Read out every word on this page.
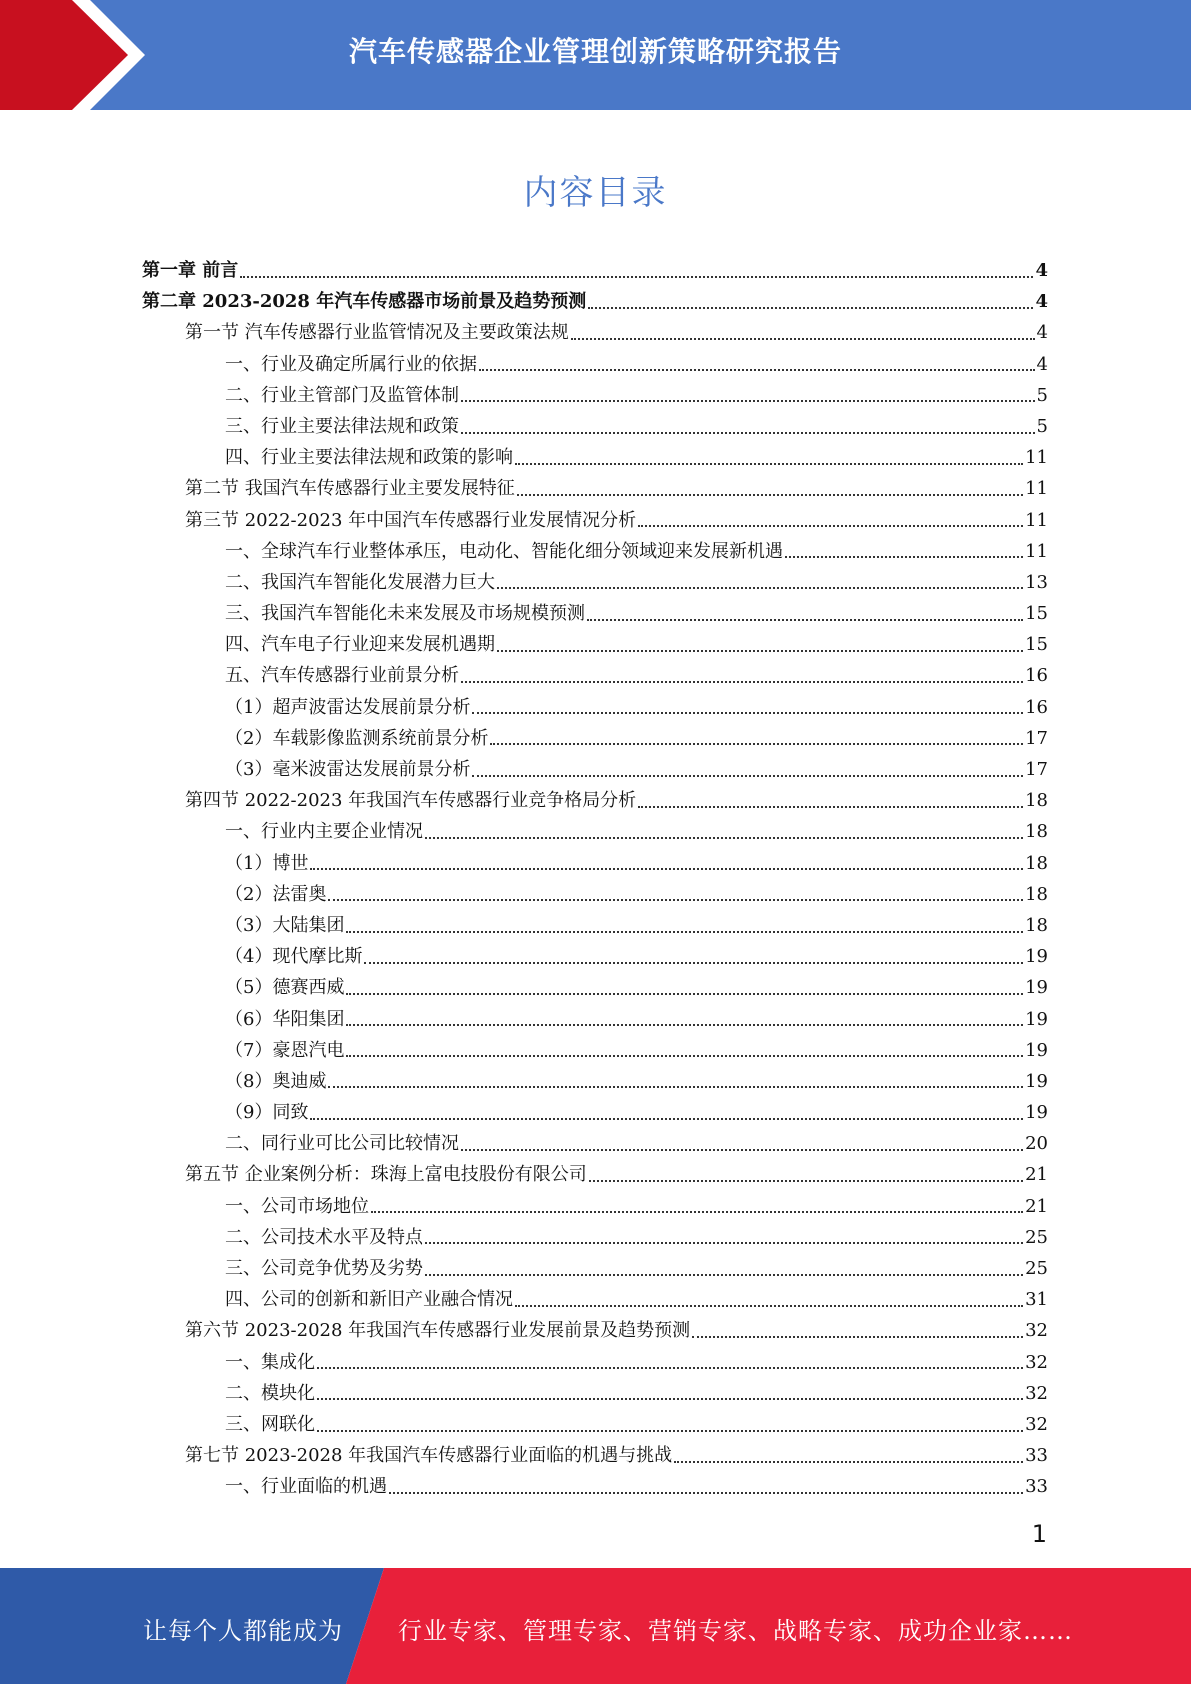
汽车传感器企业管理创新策略研究报告
内容目录
第一章 前言	4
第二章 2023-2028 年汽车传感器市场前景及趋势预测	4
第一节 汽车传感器行业监管情况及主要政策法规	4
一、行业及确定所属行业的依据	4
二、行业主管部门及监管体制	5
三、行业主要法律法规和政策	5
四、行业主要法律法规和政策的影响	11
第二节 我国汽车传感器行业主要发展特征	11
第三节 2022-2023 年中国汽车传感器行业发展情况分析	11
一、全球汽车行业整体承压，电动化、智能化细分领域迎来发展新机遇	11
二、我国汽车智能化发展潜力巨大	13
三、我国汽车智能化未来发展及市场规模预测	15
四、汽车电子行业迎来发展机遇期	15
五、汽车传感器行业前景分析	16
（1）超声波雷达发展前景分析	16
（2）车载影像监测系统前景分析	17
（3）毫米波雷达发展前景分析	17
第四节 2022-2023 年我国汽车传感器行业竞争格局分析	18
一、行业内主要企业情况	18
（1）博世	18
（2）法雷奥	18
（3）大陆集团	18
（4）现代摩比斯	19
（5）德赛西威	19
（6）华阳集团	19
（7）豪恩汽电	19
（8）奥迪威	19
（9）同致	19
二、同行业可比公司比较情况	20
第五节 企业案例分析：珠海上富电技股份有限公司	21
一、公司市场地位	21
二、公司技术水平及特点	25
三、公司竞争优势及劣势	25
四、公司的创新和新旧产业融合情况	31
第六节 2023-2028 年我国汽车传感器行业发展前景及趋势预测	32
一、集成化	32
二、模块化	32
三、网联化	32
第七节 2023-2028 年我国汽车传感器行业面临的机遇与挑战	33
一、行业面临的机遇	33
1
让每个人都能成为 行业专家、管理专家、营销专家、战略专家、成功企业家……
